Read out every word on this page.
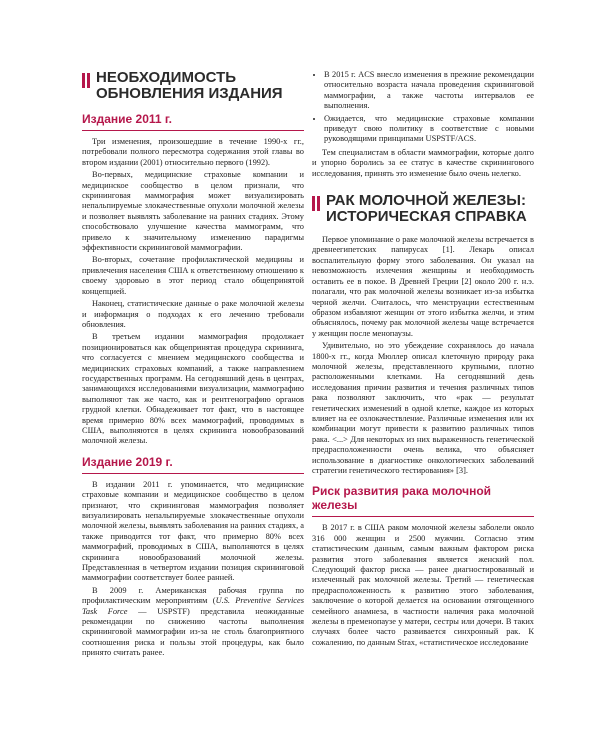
НЕОБХОДИМОСТЬ ОБНОВЛЕНИЯ ИЗДАНИЯ
Издание 2011 г.

Три изменения, произошедшие в течение 1990-х гг., потребовали полного пересмотра содержания этой главы во втором издании (2001) относительно первого (1992).

Во-первых, медицинские страховые компании и медицинское сообщество в целом признали, что скрининговая маммография может визуализировать непальпируемые злокачественные опухоли молочной железы и позволяет выявлять заболевание на ранних стадиях. Этому способствовало улучшение качества маммограмм, что привело к значительному изменению парадигмы эффективности скрининговой маммографии.

Во-вторых, сочетание профилактической медицины и привлечения населения США к ответственному отношению к своему здоровью в этот период стало общепринятой концепцией.

Наконец, статистические данные о раке молочной железы и информация о подходах к его лечению требовали обновления.

В третьем издании маммография продолжает позиционироваться как общепринятая процедура скрининга, что согласуется с мнением медицинского сообщества и медицинских страховых компаний, а также направлением государственных программ. На сегодняшний день в центрах, занимающихся исследованиями визуализации, маммографию выполняют так же часто, как и рентгенографию органов грудной клетки. Обнадеживает тот факт, что в настоящее время примерно 80% всех маммографий, проводимых в США, выполняются в целях скрининга новообразований молочной железы.

Издание 2019 г.

В издании 2011 г. упоминается, что медицинские страховые компании и медицинское сообщество в целом признают, что скрининговая маммография позволяет визуализировать непальпируемые злокачественные опухоли молочной железы, выявлять заболевания на ранних стадиях, а также приводится тот факт, что примерно 80% всех маммографий, проводимых в США, выполняются в целях скрининга новообразований молочной железы. Представленная в четвертом издании позиция скрининговой маммографии соответствует более ранней.

В 2009 г. Американская рабочая группа по профилактическим мероприятиям (U.S. Preventive Services Task Force — USPSTF) представила неожиданные рекомендации по снижению частоты выполнения скрининговой маммографии из-за не столь благоприятного соотношения риска и пользы этой процедуры, как было принято считать ранее.

• В 2015 г. ACS внесло изменения в прежние рекомендации относительно возраста начала проведения скрининговой маммографии, а также частоты интервалов ее выполнения.
• Ожидается, что медицинские страховые компании приведут свою политику в соответствие с новыми руководящими принципами USPSTF/ACS.

Тем специалистам в области маммографии, которые долго и упорно боролись за ее статус в качестве скринингового исследования, принять это изменение было очень нелегко.

РАК МОЛОЧНОЙ ЖЕЛЕЗЫ: ИСТОРИЧЕСКАЯ СПРАВКА

Первое упоминание о раке молочной железы встречается в древнеегипетских папирусах [1]. Лекарь описал воспалительную форму этого заболевания. Он указал на невозможность излечения женщины и необходимость оставить ее в покое. В Древней Греции [2] около 200 г. н.э. полагали, что рак молочной железы возникает из-за избытка черной желчи. Считалось, что менструации естественным образом избавляют женщин от этого избытка желчи, и этим объяснялось, почему рак молочной железы чаще встречается у женщин после менопаузы.

Удивительно, но это убеждение сохранялось до начала 1800-х гг., когда Мюллер описал клеточную природу рака молочной железы, представленного крупными, плотно расположенными клетками. На сегодняшний день исследования причин развития и течения различных типов рака позволяют заключить, что «рак — результат генетических изменений в одной клетке, каждое из которых влияет на ее озлокачествление. Различные изменения или их комбинации могут привести к развитию различных типов рака. <...> Для некоторых из них выраженность генетической предрасположенности очень велика, что объясняет использование в диагностике онкологических заболеваний стратегии генетического тестирования» [3].

Риск развития рака молочной железы

В 2017 г. в США раком молочной железы заболели около 316 000 женщин и 2500 мужчин. Согласно этим статистическим данным, самым важным фактором риска развития этого заболевания является женский пол. Следующий фактор риска — ранее диагностированный и излеченный рак молочной железы. Третий — генетическая предрасположенность к развитию этого заболевания, заключение о которой делается на основании отягощенного семейного анамнеза, в частности наличия рака молочной железы в пременопаузе у матери, сестры или дочери. В таких случаях более часто развивается синхронный рак. К сожалению, по данным Strax, «статистическое исследование
